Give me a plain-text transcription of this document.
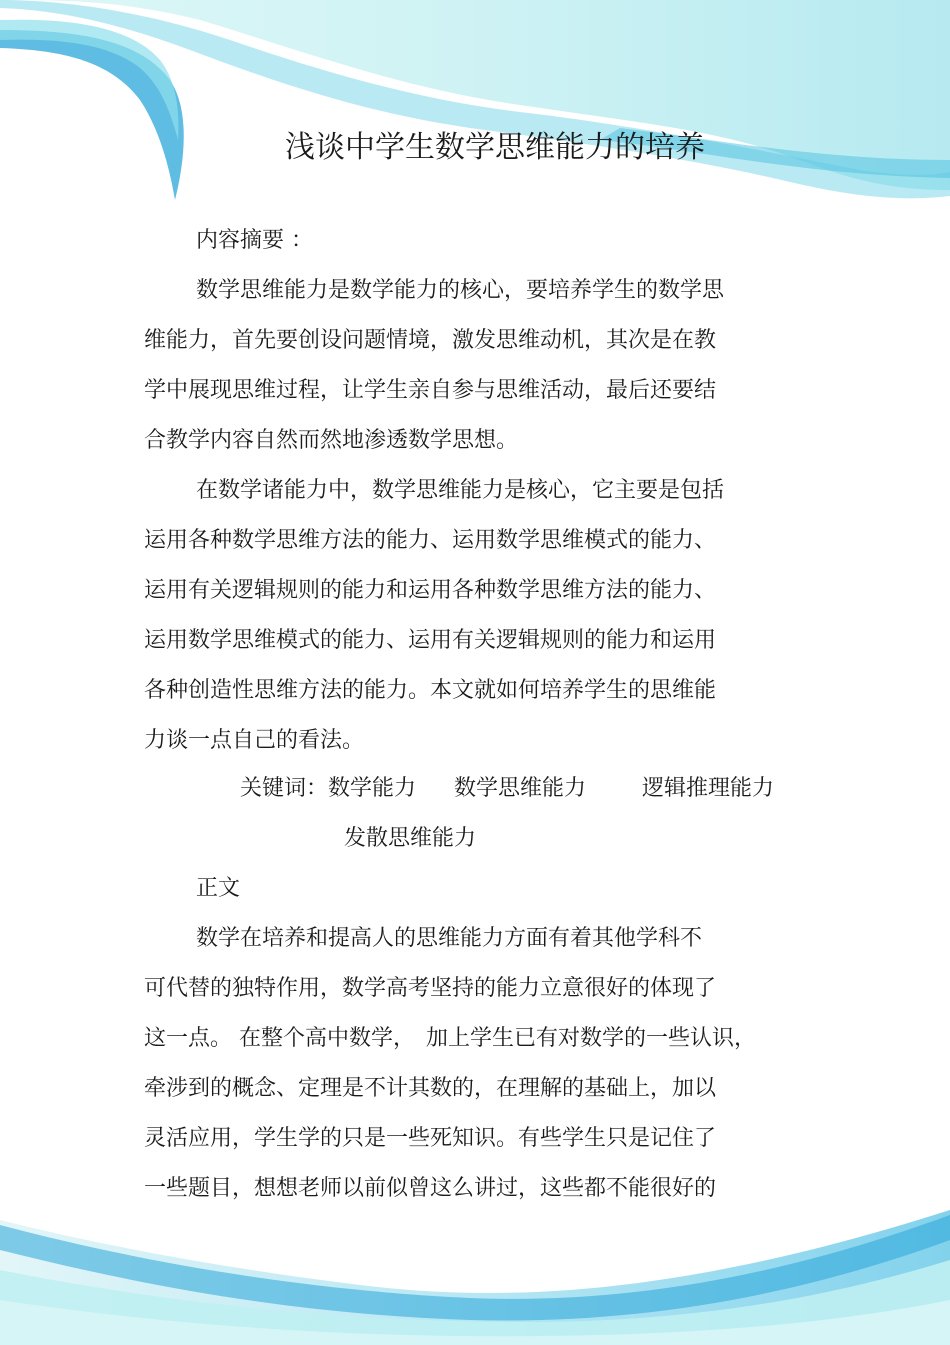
浅谈中学生数学思维能力的培养

内容摘要 ：

数学思维能力是数学能力的核心，要培养学生的数学思

维能力，首先要创设问题情境，激发思维动机，其次是在教

学中展现思维过程，让学生亲自参与思维活动，最后还要结

合教学内容自然而然地渗透数学思想。

在数学诸能力中，数学思维能力是核心，它主要是包括

运用各种数学思维方法的能力、运用数学思维模式的能力、

运用有关逻辑规则的能力和运用各种数学思维方法的能力、

运用数学思维模式的能力、运用有关逻辑规则的能力和运用

各种创造性思维方法的能力。本文就如何培养学生的思维能

力谈一点自己的看法。

关键词：数学能力 数学思维能力	逻辑推理能力
发散思维能力

正文

数学在培养和提高人的思维能力方面有着其他学科不

可代替的独特作用，数学高考坚持的能力立意很好的体现了

这一点。 在整个高中数学，　加上学生已有对数学的一些认识，

牵涉到的概念、定理是不计其数的，在理解的基础上，加以

灵活应用，学生学的只是一些死知识。有些学生只是记住了

一些题目，想想老师以前似曾这么讲过，这些都不能很好的
